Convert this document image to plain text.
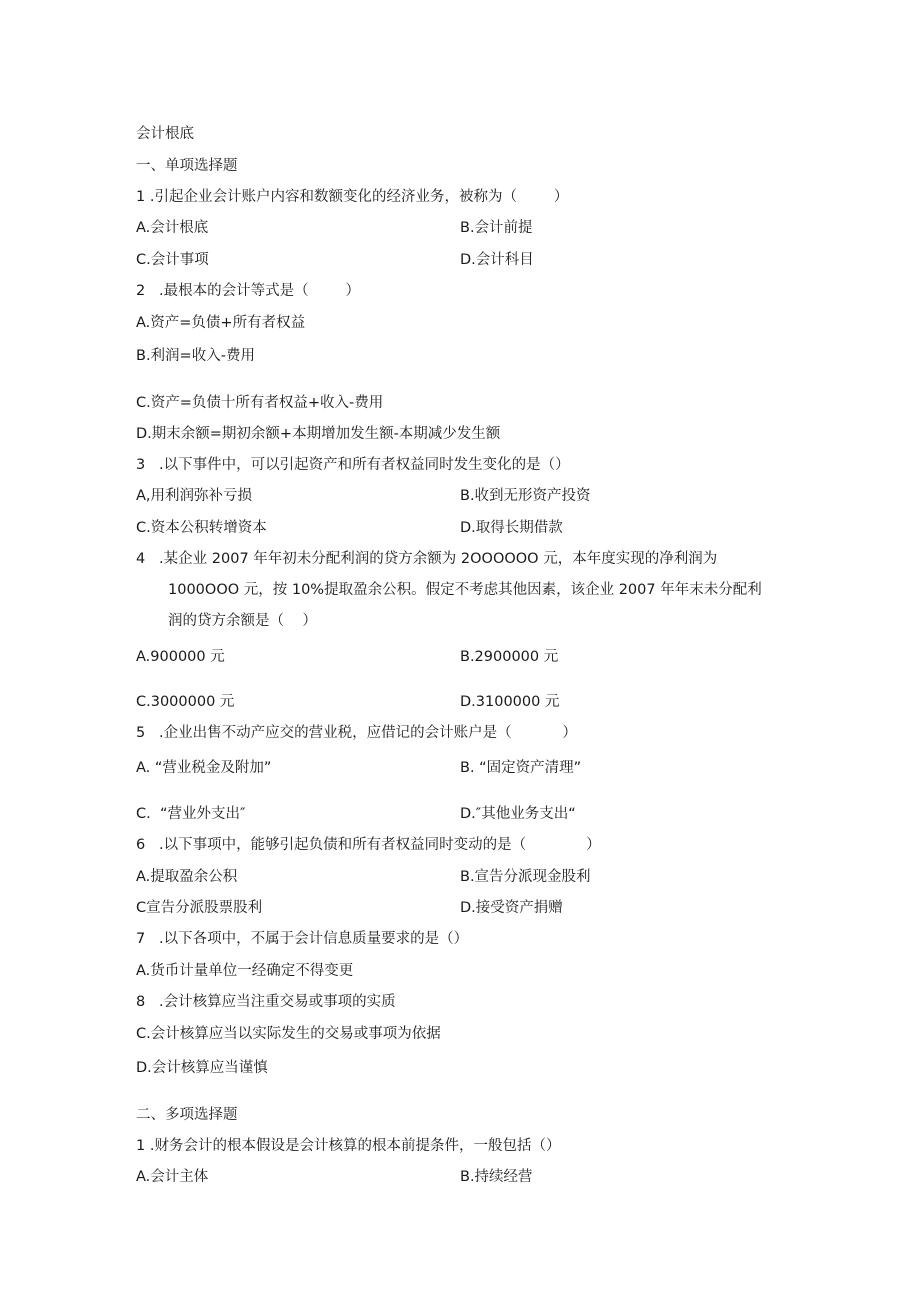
会计根底
一、单项选择题
1 .引起企业会计账户内容和数额变化的经济业务，被称为（        ）
A.会计根底	B.会计前提
C.会计事项	D.会计科目
2   .最根本的会计等式是（        ）
A.资产=负债+所有者权益
B.利润=收入-费用
C.资产=负债十所有者权益+收入-费用
D.期末余额=期初余额+本期增加发生额-本期减少发生额
3   .以下事件中，可以引起资产和所有者权益同时发生变化的是（）
A,用利润弥补亏损	B.收到无形资产投资
C.资本公积转增资本	D.取得长期借款
4   .某企业 2007 年年初未分配利润的贷方余额为 2OOOOOO 元，本年度实现的净利润为
1000OOO 元，按 10%提取盈余公积。假定不考虑其他因素，该企业 2007 年年末未分配利
润的贷方余额是（    ）
A.900000 元	B.2900000 元
C.3000000 元	D.3100000 元
5   .企业出售不动产应交的营业税，应借记的会计账户是（           ）
A. “营业税金及附加”	B. “固定资产清理”
C.  “营业外支出″	D.″其他业务支出“
6   .以下事项中，能够引起负债和所有者权益同时变动的是（             ）
A.提取盈余公积	B.宣告分派现金股利
C宣告分派股票股利	D.接受资产捐赠
7   .以下各项中，不属于会计信息质量要求的是（）
A.货币计量单位一经确定不得变更
8   .会计核算应当注重交易或事项的实质
C.会计核算应当以实际发生的交易或事项为依据
D.会计核算应当谨慎
二、多项选择题
1 .财务会计的根本假设是会计核算的根本前提条件，一般包括（）
A.会计主体	B.持续经营
